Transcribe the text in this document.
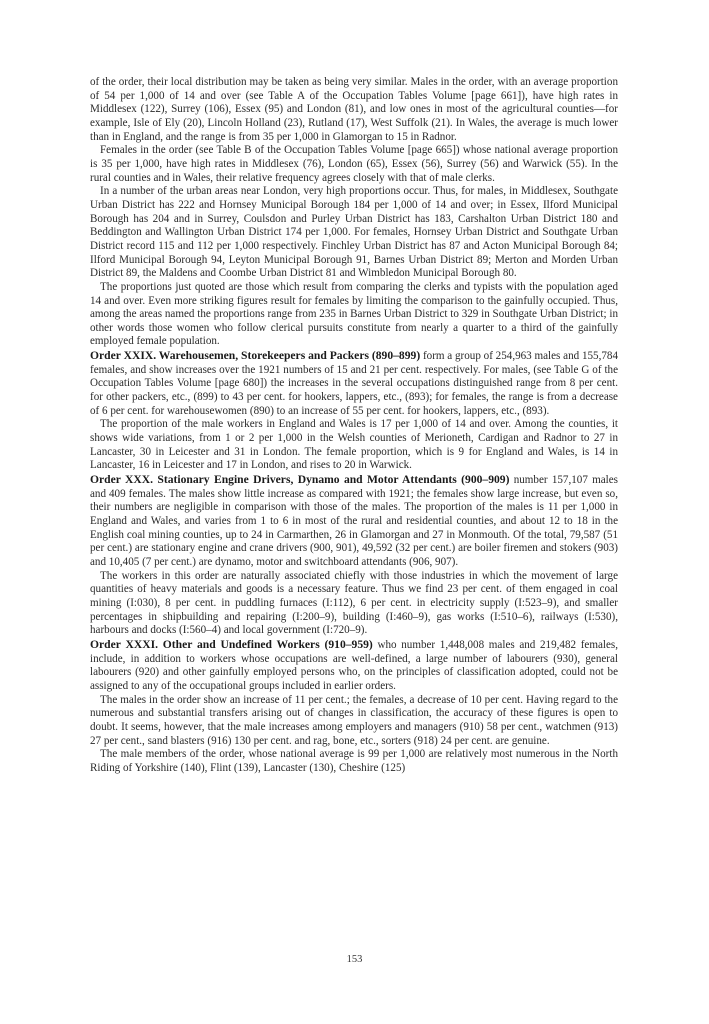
of the order, their local distribution may be taken as being very similar. Males in the order, with an average proportion of 54 per 1,000 of 14 and over (see Table A of the Occupation Tables Volume [page 661]), have high rates in Middlesex (122), Surrey (106), Essex (95) and London (81), and low ones in most of the agricultural counties—for example, Isle of Ely (20), Lincoln Holland (23), Rutland (17), West Suffolk (21). In Wales, the average is much lower than in England, and the range is from 35 per 1,000 in Glamorgan to 15 in Radnor.

Females in the order (see Table B of the Occupation Tables Volume [page 665]) whose national average proportion is 35 per 1,000, have high rates in Middlesex (76), London (65), Essex (56), Surrey (56) and Warwick (55). In the rural counties and in Wales, their relative frequency agrees closely with that of male clerks.

In a number of the urban areas near London, very high proportions occur. Thus, for males, in Middlesex, Southgate Urban District has 222 and Hornsey Municipal Borough 184 per 1,000 of 14 and over; in Essex, Ilford Municipal Borough has 204 and in Surrey, Coulsdon and Purley Urban District has 183, Carshalton Urban District 180 and Beddington and Wallington Urban District 174 per 1,000. For females, Hornsey Urban District and Southgate Urban District record 115 and 112 per 1,000 respectively. Finchley Urban District has 87 and Acton Municipal Borough 84; Ilford Municipal Borough 94, Leyton Municipal Borough 91, Barnes Urban District 89; Merton and Morden Urban District 89, the Maldens and Coombe Urban District 81 and Wimbledon Municipal Borough 80.

The proportions just quoted are those which result from comparing the clerks and typists with the population aged 14 and over. Even more striking figures result for females by limiting the comparison to the gainfully occupied. Thus, among the areas named the proportions range from 235 in Barnes Urban District to 329 in Southgate Urban District; in other words those women who follow clerical pursuits constitute from nearly a quarter to a third of the gainfully employed female population.

Order XXIX. Warehousemen, Storekeepers and Packers (890–899) form a group of 254,963 males and 155,784 females, and show increases over the 1921 numbers of 15 and 21 per cent. respectively. For males, (see Table G of the Occupation Tables Volume [page 680]) the increases in the several occupations distinguished range from 8 per cent. for other packers, etc., (899) to 43 per cent. for hookers, lappers, etc., (893); for females, the range is from a decrease of 6 per cent. for warehousewomen (890) to an increase of 55 per cent. for hookers, lappers, etc., (893).

The proportion of the male workers in England and Wales is 17 per 1,000 of 14 and over. Among the counties, it shows wide variations, from 1 or 2 per 1,000 in the Welsh counties of Merioneth, Cardigan and Radnor to 27 in Lancaster, 30 in Leicester and 31 in London. The female proportion, which is 9 for England and Wales, is 14 in Lancaster, 16 in Leicester and 17 in London, and rises to 20 in Warwick.

Order XXX. Stationary Engine Drivers, Dynamo and Motor Attendants (900–909) number 157,107 males and 409 females. The males show little increase as compared with 1921; the females show large increase, but even so, their numbers are negligible in comparison with those of the males. The proportion of the males is 11 per 1,000 in England and Wales, and varies from 1 to 6 in most of the rural and residential counties, and about 12 to 18 in the English coal mining counties, up to 24 in Carmarthen, 26 in Glamorgan and 27 in Monmouth. Of the total, 79,587 (51 per cent.) are stationary engine and crane drivers (900, 901), 49,592 (32 per cent.) are boiler firemen and stokers (903) and 10,405 (7 per cent.) are dynamo, motor and switchboard attendants (906, 907).

The workers in this order are naturally associated chiefly with those industries in which the movement of large quantities of heavy materials and goods is a necessary feature. Thus we find 23 per cent. of them engaged in coal mining (I:030), 8 per cent. in puddling furnaces (I:112), 6 per cent. in electricity supply (I:523–9), and smaller percentages in shipbuilding and repairing (I:200–9), building (I:460–9), gas works (I:510–6), railways (I:530), harbours and docks (I:560–4) and local government (I:720–9).

Order XXXI. Other and Undefined Workers (910–959) who number 1,448,008 males and 219,482 females, include, in addition to workers whose occupations are well-defined, a large number of labourers (930), general labourers (920) and other gainfully employed persons who, on the principles of classification adopted, could not be assigned to any of the occupational groups included in earlier orders.

The males in the order show an increase of 11 per cent.; the females, a decrease of 10 per cent. Having regard to the numerous and substantial transfers arising out of changes in classification, the accuracy of these figures is open to doubt. It seems, however, that the male increases among employers and managers (910) 58 per cent., watchmen (913) 27 per cent., sand blasters (916) 130 per cent. and rag, bone, etc., sorters (918) 24 per cent. are genuine.

The male members of the order, whose national average is 99 per 1,000 are relatively most numerous in the North Riding of Yorkshire (140), Flint (139), Lancaster (130), Cheshire (125)

153
